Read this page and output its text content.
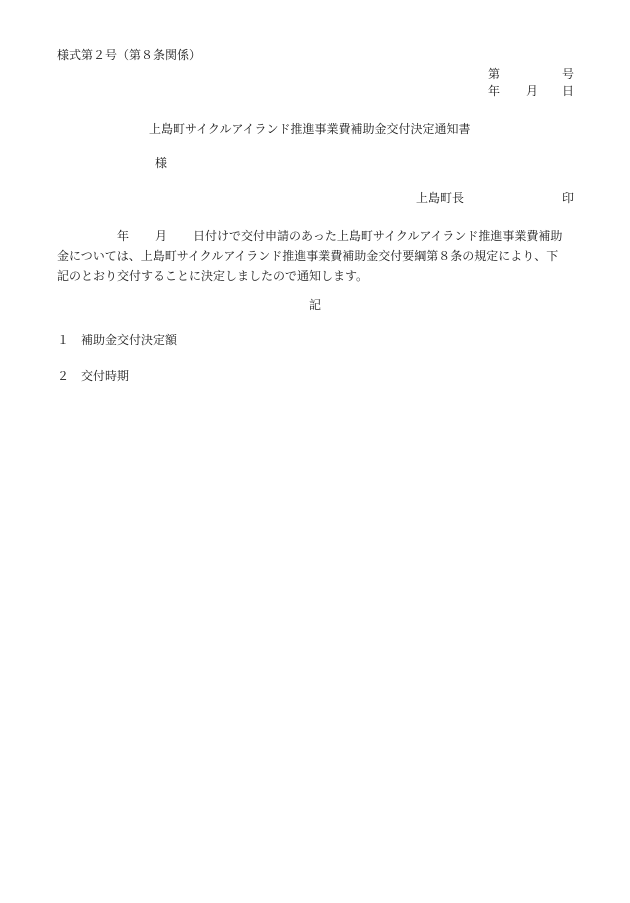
様式第２号（第８条関係）
第	号
年 月 日
上島町サイクルアイランド推進事業費補助金交付決定通知書
様
上島町長	印
年 月 日付けで交付申請のあった上島町サイクルアイランド推進事業費補助
金については、上島町サイクルアイランド推進事業費補助金交付要綱第８条の規定により、下
記のとおり交付することに決定しましたので通知します。
記
１ 補助金交付決定額
２ 交付時期
